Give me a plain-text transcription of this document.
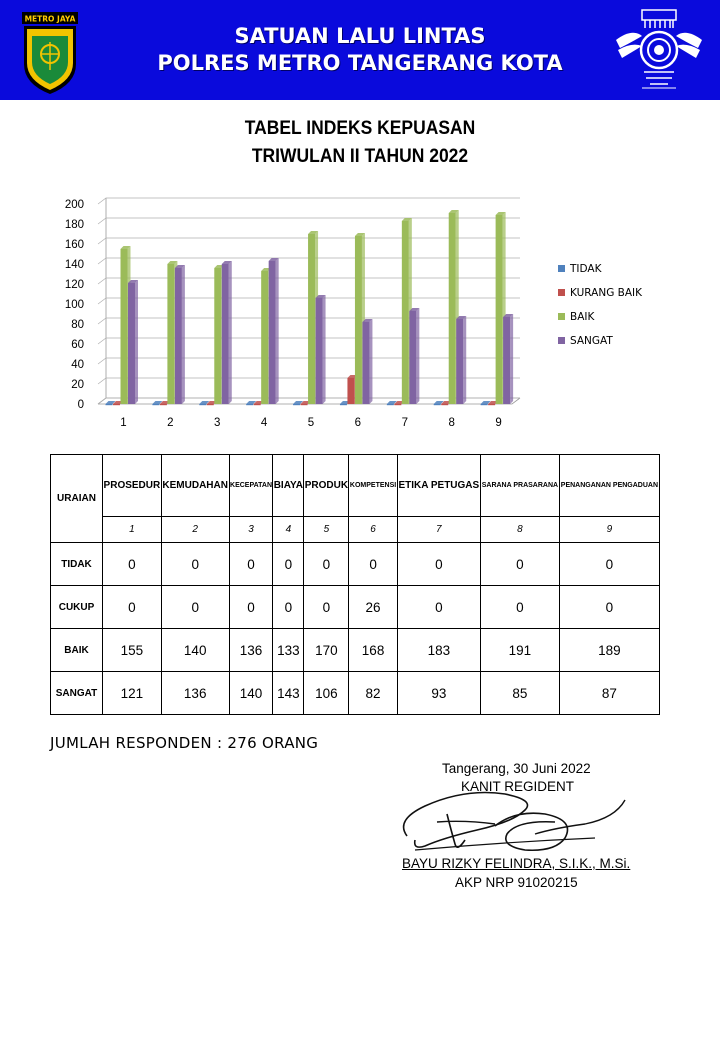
METRO JAYA
SATUAN LALU LINTAS
POLRES METRO TANGERANG KOTA
TABEL INDEKS KEPUASAN
TRIWULAN II TAHUN 2022
0
20
40
60
80
100
120
140
160
180
200
1	2	3	4	5	6	7	8	9
TIDAK
KURANG BAIK
BAIK
SANGAT
URAIAN	PROSEDUR	KEMUDAHAN	KECEPATAN	BIAYA	PRODUK	KOMPETENSI	ETIKA PETUGAS	SARANA PRASARANA	PENANGANAN PENGADUAN
	1	2	3	4	5	6	7	8	9
TIDAK	0	0	0	0	0	0	0	0	0
CUKUP	0	0	0	0	0	26	0	0	0
BAIK	155	140	136	133	170	168	183	191	189
SANGAT	121	136	140	143	106	82	93	85	87
JUMLAH RESPONDEN : 276 ORANG
Tangerang, 30 Juni 2022
KANIT REGIDENT
BAYU RIZKY FELINDRA, S.I.K., M.Si.
AKP NRP 91020215
